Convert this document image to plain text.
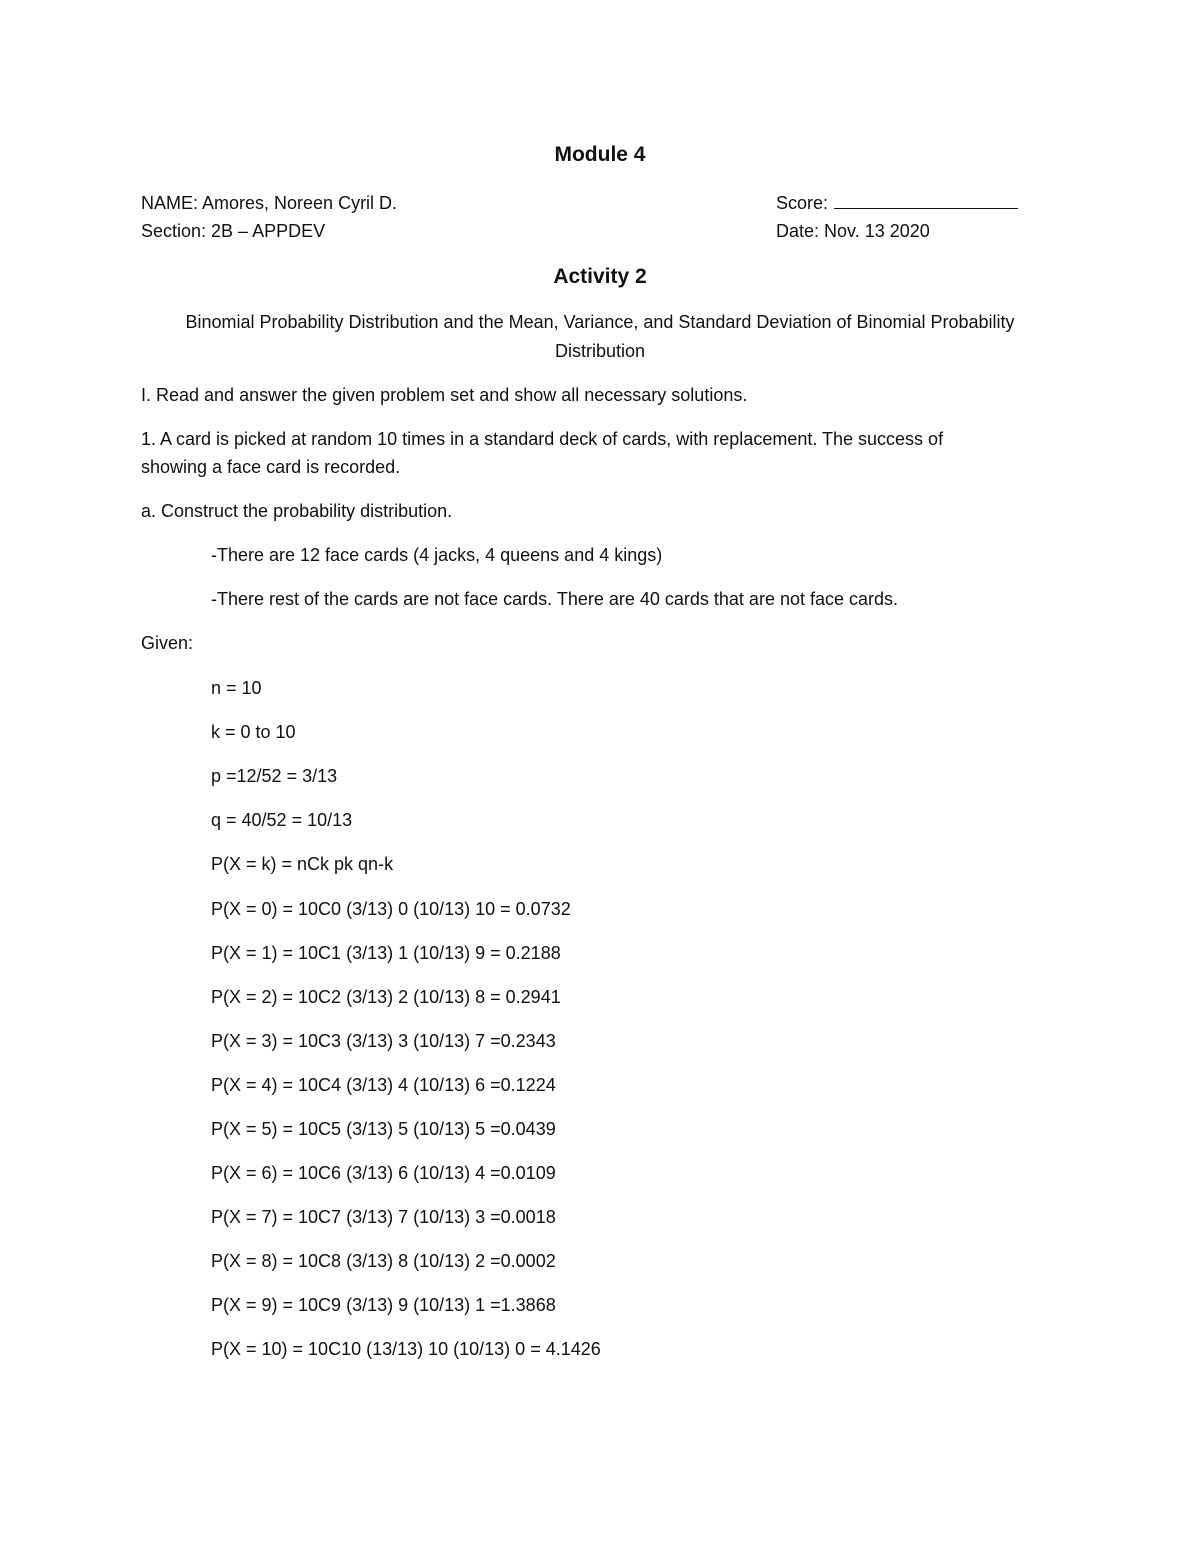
Module 4
NAME: Amores, Noreen Cyril D.	Score:
Section: 2B – APPDEV	Date: Nov. 13 2020
Activity 2
Binomial Probability Distribution and the Mean, Variance, and Standard Deviation of Binomial Probability
Distribution
I. Read and answer the given problem set and show all necessary solutions.
1. A card is picked at random 10 times in a standard deck of cards, with replacement. The success of
showing a face card is recorded.
a. Construct the probability distribution.
-There are 12 face cards (4 jacks, 4 queens and 4 kings)
-There rest of the cards are not face cards. There are 40 cards that are not face cards.
Given:
n = 10
k = 0 to 10
p =12/52 = 3/13
q = 40/52 = 10/13
P(X = k) = nCk pk qn-k
P(X = 0) = 10C0 (3/13) 0 (10/13) 10 = 0.0732
P(X = 1) = 10C1 (3/13) 1 (10/13) 9 = 0.2188
P(X = 2) = 10C2 (3/13) 2 (10/13) 8 = 0.2941
P(X = 3) = 10C3 (3/13) 3 (10/13) 7 =0.2343
P(X = 4) = 10C4 (3/13) 4 (10/13) 6 =0.1224
P(X = 5) = 10C5 (3/13) 5 (10/13) 5 =0.0439
P(X = 6) = 10C6 (3/13) 6 (10/13) 4 =0.0109
P(X = 7) = 10C7 (3/13) 7 (10/13) 3 =0.0018
P(X = 8) = 10C8 (3/13) 8 (10/13) 2 =0.0002
P(X = 9) = 10C9 (3/13) 9 (10/13) 1 =1.3868
P(X = 10) = 10C10 (13/13) 10 (10/13) 0 = 4.1426
